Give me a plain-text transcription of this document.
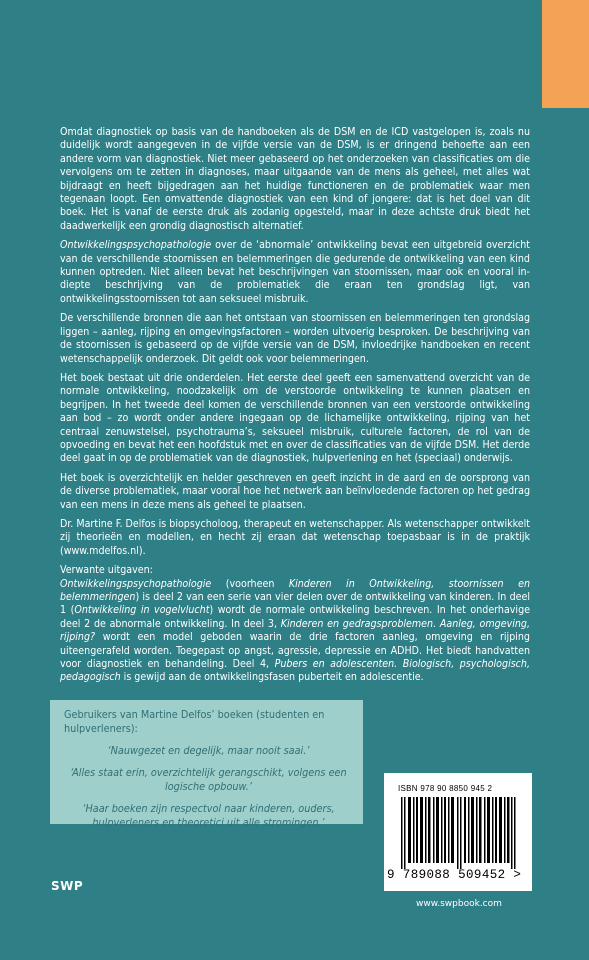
Omdat diagnostiek op basis van de handboeken als de DSM en de ICD vastgelopen is, zoals nu duidelijk wordt aangegeven in de vijfde versie van de DSM, is er dringend behoefte aan een andere vorm van diagnostiek. Niet meer gebaseerd op het onderzoeken van classificaties om die vervolgens om te zetten in diagnoses, maar uitgaande van de mens als geheel, met alles wat bijdraagt en heeft bijgedragen aan het huidige functioneren en de problematiek waar men tegenaan loopt. Een omvattende diagnostiek van een kind of jongere: dat is het doel van dit boek. Het is vanaf de eerste druk als zodanig opgesteld, maar in deze achtste druk biedt het daadwerkelijk een grondig diagnostisch alternatief.

Ontwikkelingspsychopathologie over de ‘abnormale’ ontwikkeling bevat een uitgebreid overzicht van de verschillende stoornissen en belemmeringen die gedurende de ontwikkeling van een kind kunnen optreden. Niet alleen bevat het beschrijvingen van stoornissen, maar ook en vooral in-diepte beschrijving van de problematiek die eraan ten grondslag ligt, van ontwikkelingsstoornissen tot aan seksueel misbruik.

De verschillende bronnen die aan het ontstaan van stoornissen en belemmeringen ten grondslag liggen – aanleg, rijping en omgevingsfactoren – worden uitvoerig besproken. De beschrijving van de stoornissen is gebaseerd op de vijfde versie van de DSM, invloedrijke handboeken en recent wetenschappelijk onderzoek. Dit geldt ook voor belemmeringen.

Het boek bestaat uit drie onderdelen. Het eerste deel geeft een samenvattend overzicht van de normale ontwikkeling, noodzakelijk om de verstoorde ontwikkeling te kunnen plaatsen en begrijpen. In het tweede deel komen de verschillende bronnen van een verstoorde ontwikkeling aan bod – zo wordt onder andere ingegaan op de lichamelijke ontwikkeling, rijping van het centraal zenuwstelsel, psychotrauma’s, seksueel misbruik, culturele factoren, de rol van de opvoeding en bevat het een hoofdstuk met en over de classificaties van de vijfde DSM. Het derde deel gaat in op de problematiek van de diagnostiek, hulpverlening en het (speciaal) onderwijs.

Het boek is overzichtelijk en helder geschreven en geeft inzicht in de aard en de oorsprong van de diverse problematiek, maar vooral hoe het netwerk aan beïnvloedende factoren op het gedrag van een mens in deze mens als geheel te plaatsen.

Dr. Martine F. Delfos is biopsycholoog, therapeut en wetenschapper. Als wetenschapper ontwikkelt zij theorieën en modellen, en hecht zij eraan dat wetenschap toepasbaar is in de praktijk (www.mdelfos.nl).

Verwante uitgaven:

Ontwikkelingspsychopathologie (voorheen Kinderen in Ontwikkeling, stoornissen en belemmeringen) is deel 2 van een serie van vier delen over de ontwikkeling van kinderen. In deel 1 (Ontwikkeling in vogelvlucht) wordt de normale ontwikkeling beschreven. In het onderhavige deel 2 de abnormale ontwikkeling. In deel 3, Kinderen en gedragsproblemen. Aanleg, omgeving, rijping? wordt een model geboden waarin de drie factoren aanleg, omgeving en rijping uiteengerafeld worden. Toegepast op angst, agressie, depressie en ADHD. Het biedt handvatten voor diagnostiek en behandeling. Deel 4, Pubers en adolescenten. Biologisch, psychologisch, pedagogisch is gewijd aan de ontwikkelingsfasen puberteit en adolescentie.

Gebruikers van Martine Delfos’ boeken (studenten en hulpverleners):

‘Nauwgezet en degelijk, maar nooit saai.’

‘Alles staat erin, overzichtelijk gerangschikt, volgens een logische opbouw.’

‘Haar boeken zijn respectvol naar kinderen, ouders, hulpverleners en theoretici uit alle stromingen.’

ISBN 978 90 8850 945 2
9 789088 509452 >
SWP
www.swpbook.com
